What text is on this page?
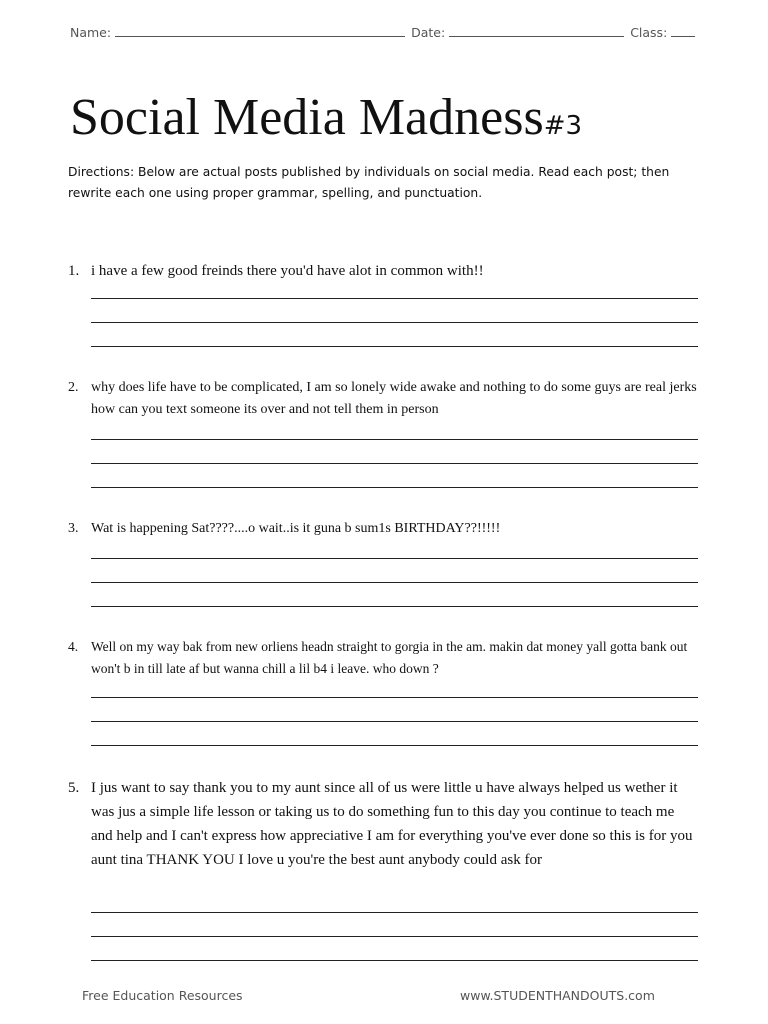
Name:	Date:	Class:
Social Media Madness#3
Directions: Below are actual posts published by individuals on social media. Read each post; then rewrite each one using proper grammar, spelling, and punctuation.
1. i have a few good freinds there you'd have alot in common with!!
2. why does life have to be complicated, I am so lonely wide awake and nothing to do some guys are real jerks how can you text someone its over and not tell them in person
3. Wat is happening Sat????....o wait..is it guna b sum1s BIRTHDAY??!!!!!
4. Well on my way bak from new orliens headn straight to gorgia in the am. makin dat money yall gotta bank out won't b in till late af but wanna chill a lil b4 i leave. who down ?
5. I jus want to say thank you to my aunt since all of us were little u have always helped us wether it was jus a simple life lesson or taking us to do something fun to this day you continue to teach me and help and I can't express how appreciative I am for everything you've ever done so this is for you aunt tina THANK YOU I love u you're the best aunt anybody could ask for
Free Education Resources	www.STUDENTHANDOUTS.com
